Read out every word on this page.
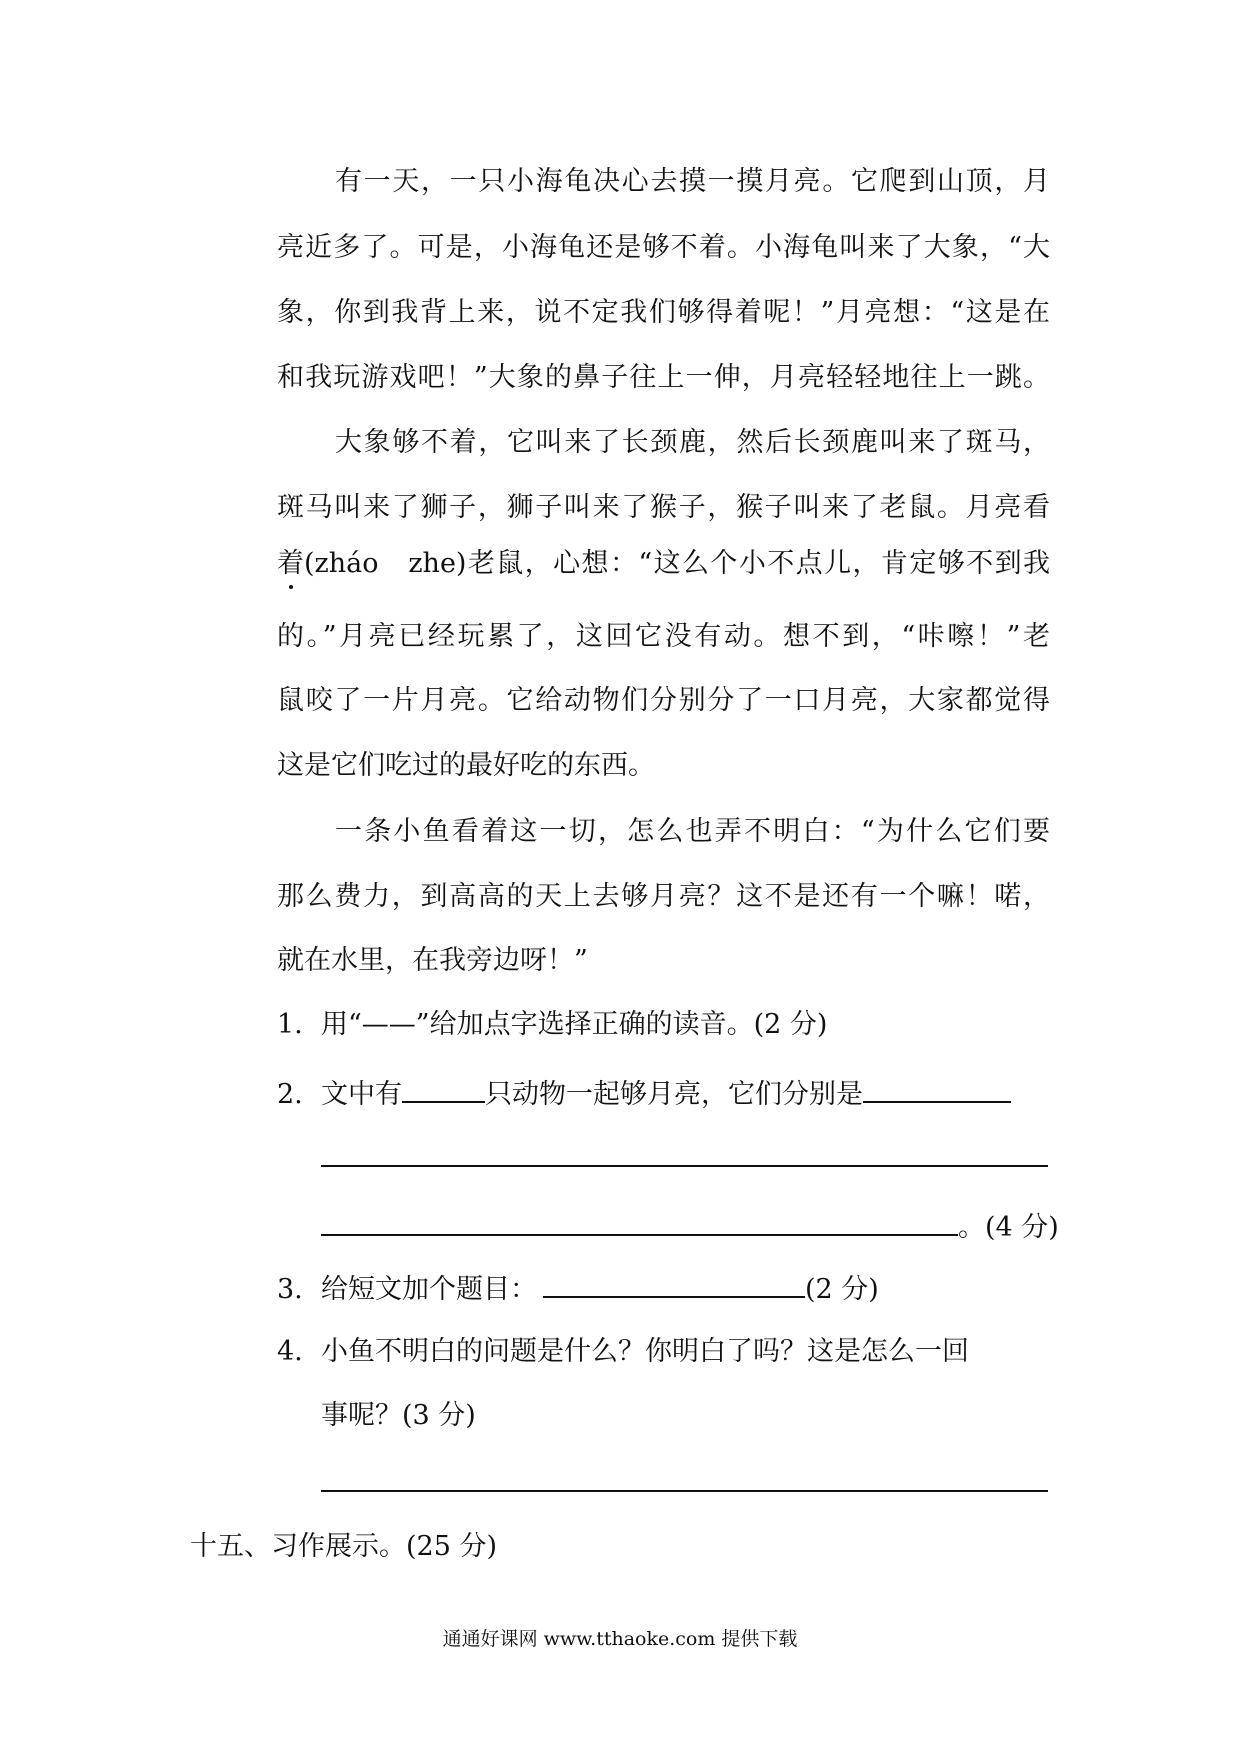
有一天，一只小海龟决心去摸一摸月亮。它爬到山顶，月
亮近多了。可是，小海龟还是够不着。小海龟叫来了大象，“大
象，你到我背上来，说不定我们够得着呢！”月亮想：“这是在
和我玩游戏吧！”大象的鼻子往上一伸，月亮轻轻地往上一跳。
大象够不着，它叫来了长颈鹿，然后长颈鹿叫来了斑马，
斑马叫来了狮子，狮子叫来了猴子，猴子叫来了老鼠。月亮看
着 (zháo　zhe)老鼠，心想：“这么个小不点儿，肯定够不到我
的。”月亮已经玩累了，这回它没有动。想不到，“咔嚓！”老
鼠咬了一片月亮。它给动物们分别分了一口月亮，大家都觉得
这是它们吃过的最好吃的东西。
一条小鱼看着这一切，怎么也弄不明白：“为什么它们要
那么费力，到高高的天上去够月亮？这不是还有一个嘛！喏，
就在水里，在我旁边呀！”
1. 用“——”给加点字选择正确的读音。(2 分)
2. 文中有	只动物一起够月亮，它们分别是
。(4 分)
3. 给短文加个题目：	(2 分)
4. 小鱼不明白的问题是什么？你明白了吗？这是怎么一回
事呢？(3 分)
十五、习作展示。(25 分)
通通好课网 www.tthaoke.com 提供下载
